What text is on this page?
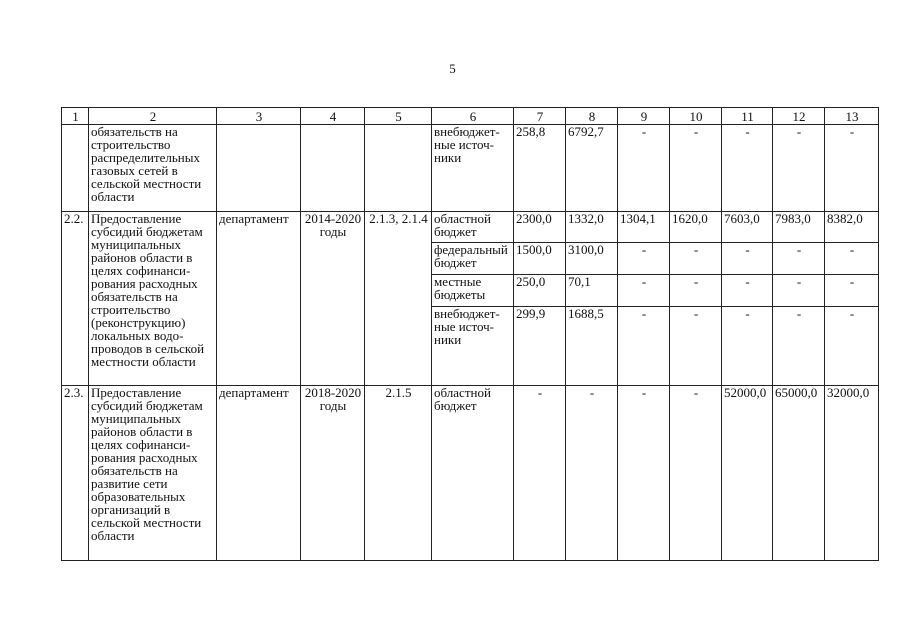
5
1	2	3	4	5	6	7	8	9	10	11	12	13
	обязательств на строительство распределительных газовых сетей в сельской местности области				внебюджет-ные источ-ники	258,8	6792,7	-	-	-	-	-
2.2.	Предоставление субсидий бюджетам муниципальных районов области в целях софинанси-рования расходных обязательств на строительство (реконструкцию) локальных водо-проводов в сельской местности области	департамент	2014-2020 годы	2.1.3, 2.1.4	областной бюджет	2300,0	1332,0	1304,1	1620,0	7603,0	7983,0	8382,0
					федеральный бюджет	1500,0	3100,0	-	-	-	-	-
					местные бюджеты	250,0	70,1	-	-	-	-	-
					внебюджет-ные источ-ники	299,9	1688,5	-	-	-	-	-
2.3.	Предоставление субсидий бюджетам муниципальных районов области в целях софинанси-рования расходных обязательств на развитие сети образовательных организаций в сельской местности области	департамент	2018-2020 годы	2.1.5	областной бюджет	-	-	-	-	52000,0	65000,0	32000,0
